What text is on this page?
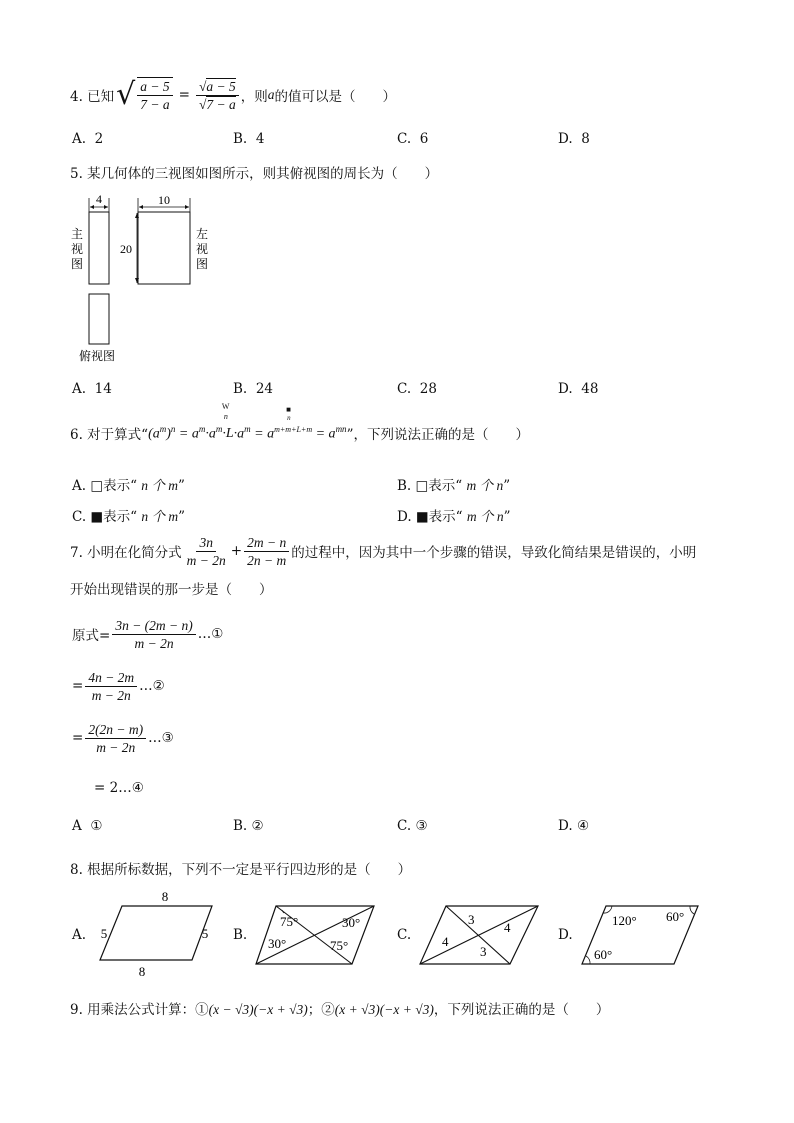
4. 已知 √ $\frac{a - 5}{7 - a} = \frac{√a - 5}{√7 - a}$ ，则 a 的值可以是（　　）
A. 2	B. 4	C. 6	D. 8
5. 某几何体的三视图如图所示，则其俯视图的周长为（　　）
4	10
20
主
视
图
左
视
图
俯视图
A. 14	B. 24	C. 28	D. 48
6. 对于算式“ $(a^m)^n = a^m\cdot a^m\cdot$
W
n
$L\cdot a^m = a$
$^{■ n m+m+L+m} = a^{mn}$ ”，下列说法正确的是（　　）
A. □表示“ n 个 m”	B. □表示“ m 个 n”
C. ■表示“ n 个 m”	D. ■表示“ m 个 n”
7. 小明在化简分式 $\frac{3n}{m - 2n} + \frac{2m - n}{2n - m}$ 的过程中，因为其中一个步骤的错误，导致化简结果是错误的，小明
开始出现错误的那一步是（　　）
原式= $\frac{3n - (2m - n)}{m - 2n}$ …①
= $\frac{4n - 2m}{m - 2n}$ …②
= $\frac{2(2n - m)}{m - 2n}$ …③
= 2…④
A ①	B. ②	C. ③	D. ④
8. 根据所标数据，下列不一定是平行四边形的是（　　）
A.
8
8
5	5 B.
75°	30°
30°	75°
C.
3
4
4
3
D.
120° 60°
60°
9. 用乘法公式计算：①(x − √3)(−x + √3)；②(x + √3)(−x + √3)，下列说法正确的是（　　）
